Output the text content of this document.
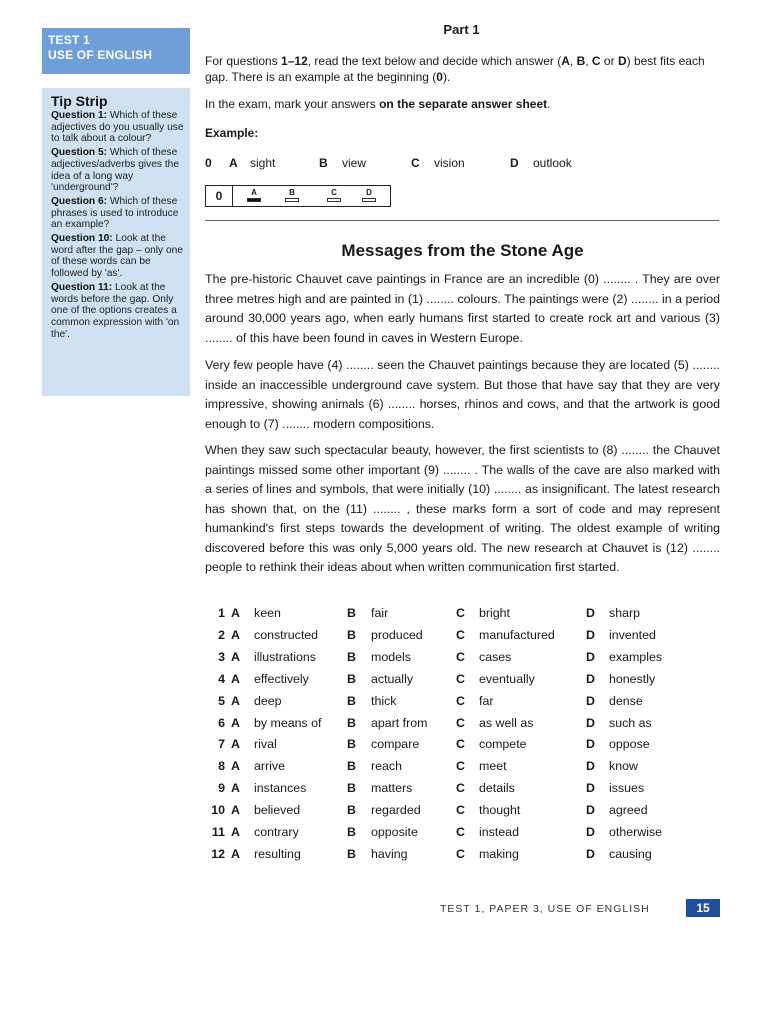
TEST 1
USE OF ENGLISH
Tip Strip
Question 1: Which of these adjectives do you usually use to talk about a colour?
Question 5: Which of these adjectives/adverbs gives the idea of a long way 'underground'?
Question 6: Which of these phrases is used to introduce an example?
Question 10: Look at the word after the gap – only one of these words can be followed by 'as'.
Question 11: Look at the words before the gap. Only one of the options creates a common expression with 'on the'.
Part 1
For questions 1–12, read the text below and decide which answer (A, B, C or D) best fits each gap. There is an example at the beginning (0).
In the exam, mark your answers on the separate answer sheet.
Example:
0 A sight	B view	C vision	D outlook
0	A	B	C	D
Messages from the Stone Age
The pre-historic Chauvet cave paintings in France are an incredible (0) ........ . They are over three metres high and are painted in (1) ........ colours. The paintings were (2) ........ in a period around 30,000 years ago, when early humans first started to create rock art and various (3) ........ of this have been found in caves in Western Europe.
Very few people have (4) ........ seen the Chauvet paintings because they are located (5) ........ inside an inaccessible underground cave system. But those that have say that they are very impressive, showing animals (6) ........ horses, rhinos and cows, and that the artwork is good enough to (7) ........ modern compositions.
When they saw such spectacular beauty, however, the first scientists to (8) ........ the Chauvet paintings missed some other important (9) ........ . The walls of the cave are also marked with a series of lines and symbols, that were initially (10) ........ as insignificant. The latest research has shown that, on the (11) ........ , these marks form a sort of code and may represent humankind's first steps towards the development of writing. The oldest example of writing discovered before this was only 5,000 years old. The new research at Chauvet is (12) ........ people to rethink their ideas about when written communication first started.
1 A keen	B fair	C bright	D sharp
2 A constructed B produced	C manufactured	D invented
3 A illustrations	B models	C cases	D examples
4 A effectively	B actually	C eventually	D honestly
5 A deep	B thick	C far	D dense
6 A by means of B apart from C as well as	D such as
7 A rival	B compare	C compete	D oppose
8 A arrive	B reach	C meet	D know
9 A instances	B matters	C details	D issues
10 A believed	B regarded	C thought	D agreed
11 A contrary	B opposite	C instead	D otherwise
12 A resulting	B having	C making	D causing
TEST 1, PAPER 3, USE OF ENGLISH	15
